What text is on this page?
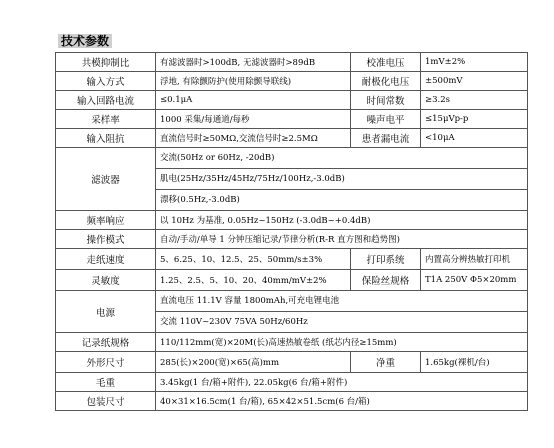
技术参数
共模抑制比	有滤波器时>100dB, 无滤波器时>89dB	校准电压	1mV±2%
输入方式	浮地, 有除颤防护(使用除颤导联线)	耐极化电压	±500mV
输入回路电流	≤0.1μA	时间常数	≥3.2s
采样率	1000 采集/每通道/每秒	噪声电平	≤15μVp-p
输入阻抗	直流信号时≥50MΩ,交流信号时≥2.5MΩ	患者漏电流	<10μA
滤波器	交流(50Hz or 60Hz, -20dB)
肌电(25Hz/35Hz/45Hz/75Hz/100Hz,-3.0dB)
漂移(0.5Hz,-3.0dB)		

频率响应	以 10Hz 为基准, 0.05Hz~150Hz (-3.0dB~+0.4dB)		
操作模式	自动/手动/单导 1 分钟压缩记录/节律分析(R-R 直方图和趋势图)		
走纸速度	5、6.25、10、12.5、25、50mm/s±3%	打印系统	内置高分辨热敏打印机
灵敏度	1.25、2.5、5、10、20、40mm/mV±2%	保险丝规格	T1A 250V Φ5×20mm
电源	直流电压 11.1V 容量 1800mAh,可充电锂电池
交流 110V~230V 75VA 50Hz/60Hz		

记录纸规格	110/112mm(宽)×20M(长)高速热敏卷纸 (纸芯内径≥15mm)		
外形尺寸	285(长)×200(宽)×65(高)mm	净重	1.65kg(裸机/台)
毛重	3.45kg(1 台/箱+附件), 22.05kg(6 台/箱+附件)		
包装尺寸	40×31×16.5cm(1 台/箱), 65×42×51.5cm(6 台/箱)		
